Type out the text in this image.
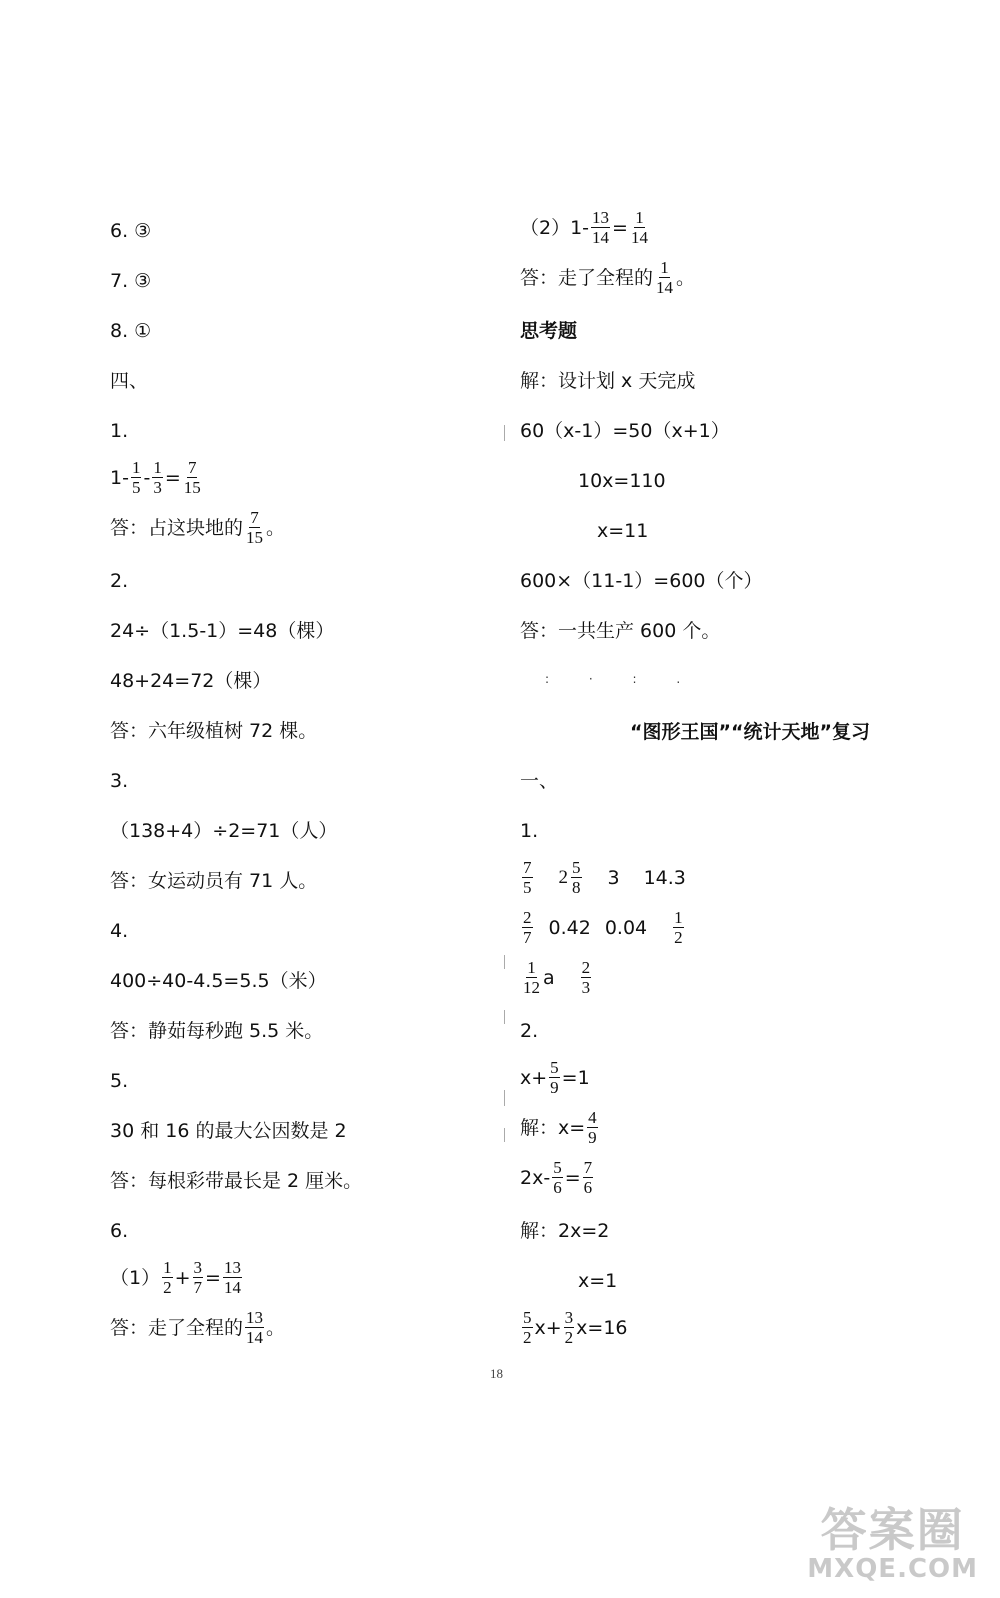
6. ③
7. ③
8. ①
四、
1.
$1- \frac{1}{5} - \frac{1}{3} = \frac{7}{15}$
答：占这块地的 $\frac{7}{15}$ 。
2.
24÷（1.5-1）=48（棵）
48+24=72（棵）
答：六年级植树 72 棵。
3.
（138+4）÷2=71（人）
答：女运动员有 71 人。
4.
400÷40-4.5=5.5（米）
答：静茹每秒跑 5.5 米。
5.
30 和 16 的最大公因数是 2
答：每根彩带最长是 2 厘米。
6.
$(1) \frac{1}{2} + \frac{3}{7} = \frac{13}{14}$
答：走了全程的 $\frac{13}{14}$ 。
$(2)1- \frac{13}{14} = \frac{1}{14}$
答：走了全程的 $\frac{1}{14}$ 。
思考题
解：设计划 x 天完成
60（x-1）=50（x+1）
10x=110
x=11
600×（11-1）=600（个）
答：一共生产 600 个。
: · : .
“图形王国”“统计天地”复习
一、
1.
$\frac{7}{5} 2 \frac{5}{8} 3$ 14.3
$\frac{2}{7} 0.42$ $0.04 \frac{1}{2}$
$\frac{1}{12}$ a $\frac{2}{3}$
2.
$x+ \frac{5}{9} =1$
解：$x= \frac{4}{9}$
$2x- \frac{5}{6} = \frac{7}{6}$
解：2x=2
x=1
$\frac{5}{2} x+ \frac{3}{2} x=16$
18
答案圈
MXQE.COM
